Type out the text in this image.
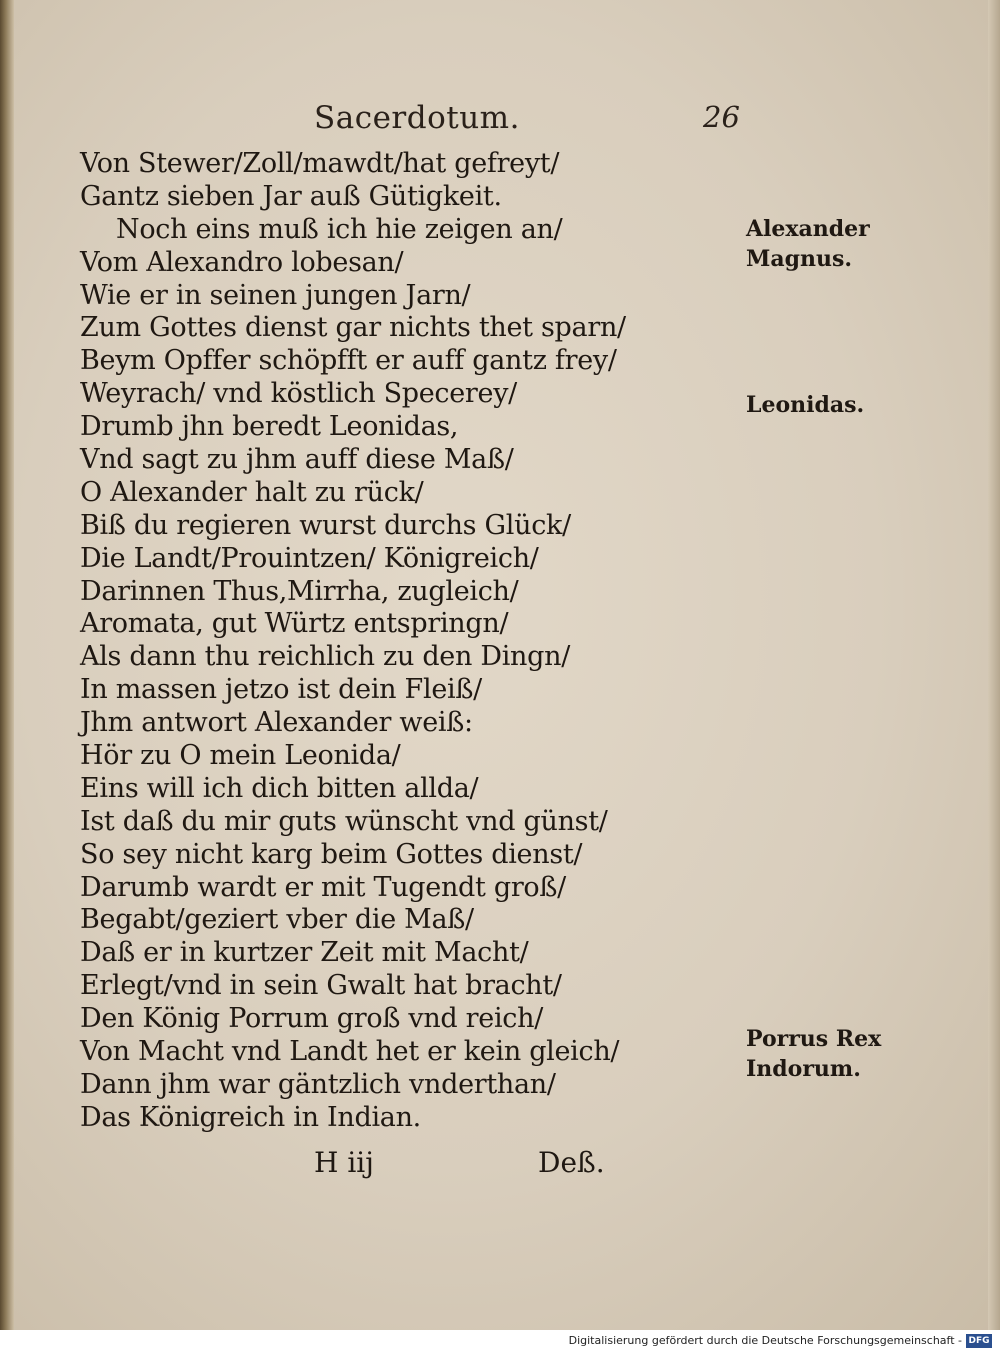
Sacerdotum.	26
Von Stewer/Zoll/mawdt/hat gefreyt/
Gantz sieben Jar auß Gütigkeit.
Noch eins muß ich hie zeigen an/
Vom Alexandro lobesan/
Wie er in seinen jungen Jarn/
Zum Gottes dienst gar nichts thet sparn/
Beym Opffer schöpfft er auff gantz frey/
Weyrach/ vnd köstlich Specerey/
Drumb jhn beredt Leonidas,
Vnd sagt zu jhm auff diese Maß/
O Alexander halt zu rück/
Biß du regieren wurst durchs Glück/
Die Landt/Prouintzen/ Königreich/
Darinnen Thus,Mirrha, zugleich/
Aromata, gut Würtz entspringn/
Als dann thu reichlich zu den Dingn/
In massen jetzo ist dein Fleiß/
Jhm antwort Alexander weiß:
Hör zu O mein Leonida/
Eins will ich dich bitten allda/
Ist daß du mir guts wünscht vnd günst/
So sey nicht karg beim Gottes dienst/
Darumb wardt er mit Tugendt groß/
Begabt/geziert vber die Maß/
Daß er in kurtzer Zeit mit Macht/
Erlegt/vnd in sein Gwalt hat bracht/
Den König Porrum groß vnd reich/
Von Macht vnd Landt het er kein gleich/
Dann jhm war gäntzlich vnderthan/
Das Königreich in Indian.
Alexander
Magnus.
Leonidas.
Porrus Rex
Indorum.
H iij	Deß.
Digitalisierung gefördert durch die Deutsche Forschungsgemeinschaft - DFG
